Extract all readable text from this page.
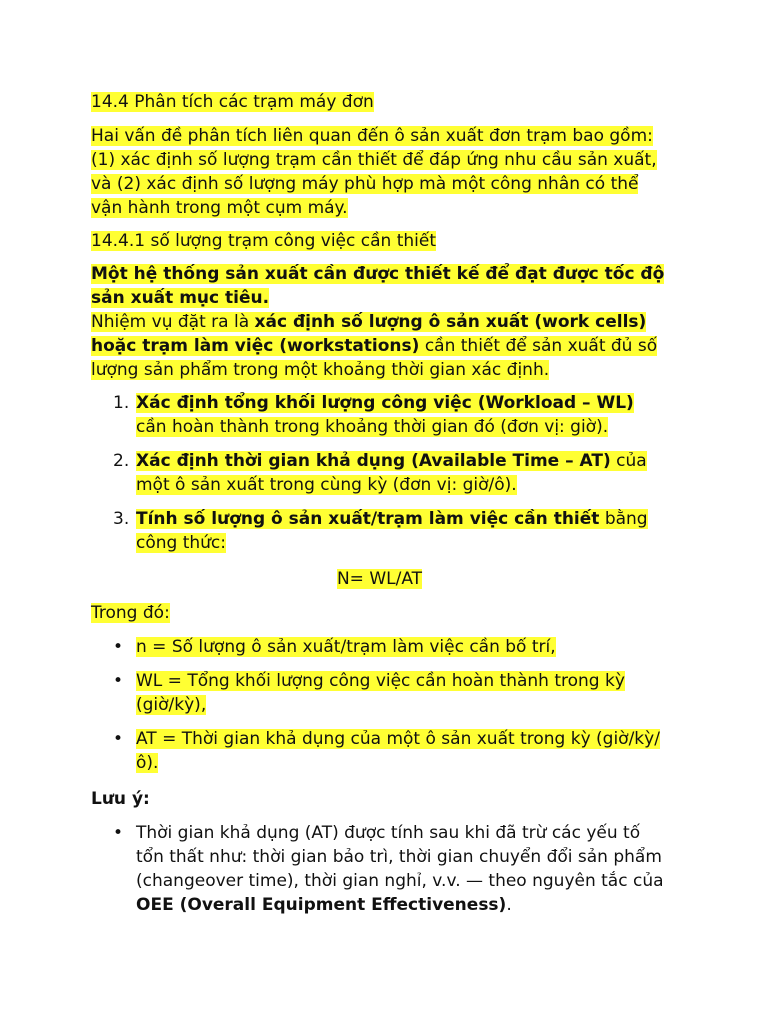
14.4 Phân tích các trạm máy đơn

Hai vấn đề phân tích liên quan đến ô sản xuất đơn trạm bao gồm: (1) xác định số lượng trạm cần thiết để đáp ứng nhu cầu sản xuất, và (2) xác định số lượng máy phù hợp mà một công nhân có thể vận hành trong một cụm máy.

14.4.1 số lượng trạm công việc cần thiết

Một hệ thống sản xuất cần được thiết kế để đạt được tốc độ sản xuất mục tiêu.

Nhiệm vụ đặt ra là xác định số lượng ô sản xuất (work cells) hoặc trạm làm việc (workstations) cần thiết để sản xuất đủ số lượng sản phẩm trong một khoảng thời gian xác định.

1. Xác định tổng khối lượng công việc (Workload – WL) cần hoàn thành trong khoảng thời gian đó (đơn vị: giờ).
2. Xác định thời gian khả dụng (Available Time – AT) của một ô sản xuất trong cùng kỳ (đơn vị: giờ/ô).
3. Tính số lượng ô sản xuất/trạm làm việc cần thiết bằng công thức:

N= WL/AT

Trong đó:

• n = Số lượng ô sản xuất/trạm làm việc cần bố trí,
• WL = Tổng khối lượng công việc cần hoàn thành trong kỳ (giờ/kỳ),
• AT = Thời gian khả dụng của một ô sản xuất trong kỳ (giờ/kỳ/ô).

Lưu ý:

• Thời gian khả dụng (AT) được tính sau khi đã trừ các yếu tố tổn thất như: thời gian bảo trì, thời gian chuyển đổi sản phẩm (changeover time), thời gian nghỉ, v.v. — theo nguyên tắc của OEE (Overall Equipment Effectiveness).
